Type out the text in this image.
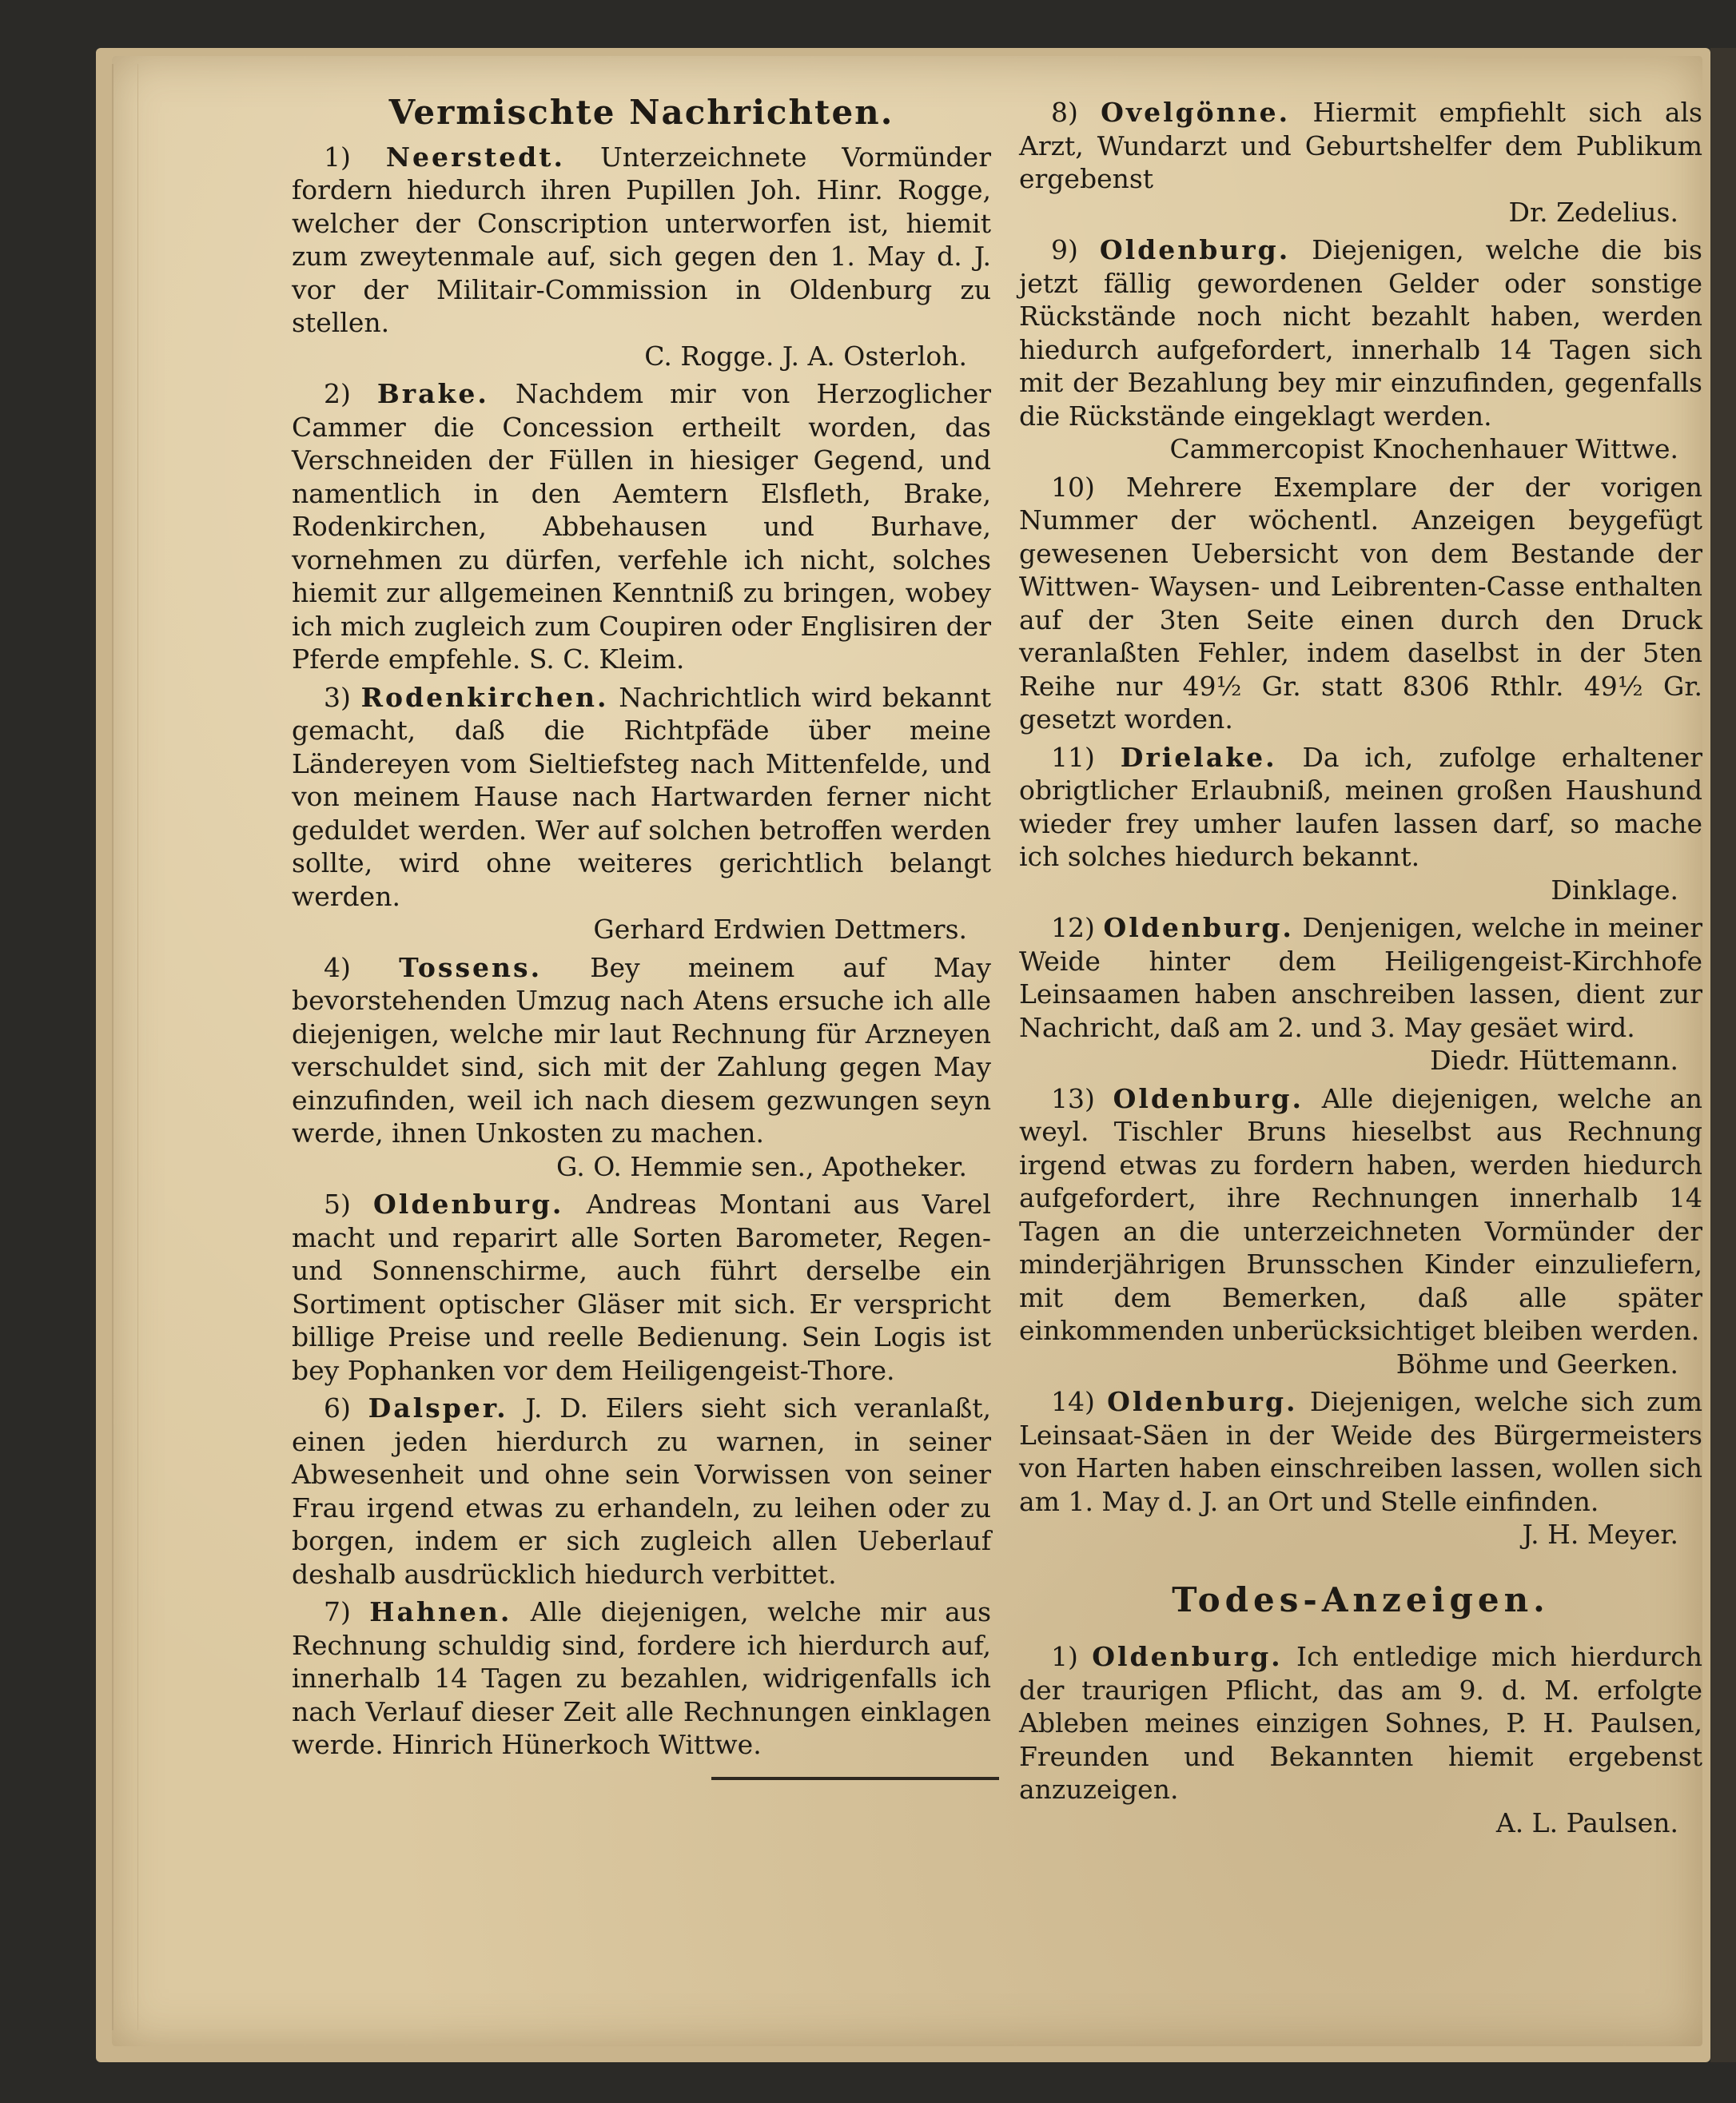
Vermischte Nachrichten.

1) Neerstedt. Unterzeichnete Vormünder fordern hiedurch ihren Pupillen Joh. Hinr. Rogge, welcher der Conscription unterworfen ist, hiemit zum zweytenmale auf, sich gegen den 1. May d. J. vor der Militair-Commission in Oldenburg zu stellen.

C. Rogge. J. A. Osterloh.

2) Brake. Nachdem mir von Herzoglicher Cammer die Concession ertheilt worden, das Verschneiden der Füllen in hiesiger Gegend, und namentlich in den Aemtern Elsfleth, Brake, Rodenkirchen, Abbehausen und Burhave, vornehmen zu dürfen, verfehle ich nicht, solches hiemit zur allgemeinen Kenntniß zu bringen, wobey ich mich zugleich zum Coupiren oder Englisiren der Pferde empfehle. S. C. Kleim.

3) Rodenkirchen. Nachrichtlich wird bekannt gemacht, daß die Richtpfäde über meine Ländereyen vom Sieltiefsteg nach Mittenfelde, und von meinem Hause nach Hartwarden ferner nicht geduldet werden. Wer auf solchen betroffen werden sollte, wird ohne weiteres gerichtlich belangt werden.

Gerhard Erdwien Dettmers.

4) Tossens. Bey meinem auf May bevorstehenden Umzug nach Atens ersuche ich alle diejenigen, welche mir laut Rechnung für Arzneyen verschuldet sind, sich mit der Zahlung gegen May einzufinden, weil ich nach diesem gezwungen seyn werde, ihnen Unkosten zu machen.

G. O. Hemmie sen., Apotheker.

5) Oldenburg. Andreas Montani aus Varel macht und reparirt alle Sorten Barometer, Regen- und Sonnenschirme, auch führt derselbe ein Sortiment optischer Gläser mit sich. Er verspricht billige Preise und reelle Bedienung. Sein Logis ist bey Pophanken vor dem Heiligengeist-Thore.

6) Dalsper. J. D. Eilers sieht sich veranlaßt, einen jeden hierdurch zu warnen, in seiner Abwesenheit und ohne sein Vorwissen von seiner Frau irgend etwas zu erhandeln, zu leihen oder zu borgen, indem er sich zugleich allen Ueberlauf deshalb ausdrücklich hiedurch verbittet.

7) Hahnen. Alle diejenigen, welche mir aus Rechnung schuldig sind, fordere ich hierdurch auf, innerhalb 14 Tagen zu bezahlen, widrigenfalls ich nach Verlauf dieser Zeit alle Rechnungen einklagen werde. Hinrich Hünerkoch Wittwe.

8) Ovelgönne. Hiermit empfiehlt sich als Arzt, Wundarzt und Geburtshelfer dem Publikum ergebenst

Dr. Zedelius.

9) Oldenburg. Diejenigen, welche die bis jetzt fällig gewordenen Gelder oder sonstige Rückstände noch nicht bezahlt haben, werden hiedurch aufgefordert, innerhalb 14 Tagen sich mit der Bezahlung bey mir einzufinden, gegenfalls die Rückstände eingeklagt werden.

Cammercopist Knochenhauer Wittwe.

10) Mehrere Exemplare der der vorigen Nummer der wöchentl. Anzeigen beygefügt gewesenen Uebersicht von dem Bestande der Wittwen- Waysen- und Leibrenten-Casse enthalten auf der 3ten Seite einen durch den Druck veranlaßten Fehler, indem daselbst in der 5ten Reihe nur 49½ Gr. statt 8306 Rthlr. 49½ Gr. gesetzt worden.

11) Drielake. Da ich, zufolge erhaltener obrigtlicher Erlaubniß, meinen großen Haushund wieder frey umher laufen lassen darf, so mache ich solches hiedurch bekannt.

Dinklage.

12) Oldenburg. Denjenigen, welche in meiner Weide hinter dem Heiligengeist-Kirchhofe Leinsaamen haben anschreiben lassen, dient zur Nachricht, daß am 2. und 3. May gesäet wird.

Diedr. Hüttemann.

13) Oldenburg. Alle diejenigen, welche an weyl. Tischler Bruns hieselbst aus Rechnung irgend etwas zu fordern haben, werden hiedurch aufgefordert, ihre Rechnungen innerhalb 14 Tagen an die unterzeichneten Vormünder der minderjährigen Brunsschen Kinder einzuliefern, mit dem Bemerken, daß alle später einkommenden unberücksichtiget bleiben werden.

Böhme und Geerken.

14) Oldenburg. Diejenigen, welche sich zum Leinsaat-Säen in der Weide des Bürgermeisters von Harten haben einschreiben lassen, wollen sich am 1. May d. J. an Ort und Stelle einfinden.

J. H. Meyer.

Todes-Anzeigen.

1) Oldenburg. Ich entledige mich hierdurch der traurigen Pflicht, das am 9. d. M. erfolgte Ableben meines einzigen Sohnes, P. H. Paulsen, Freunden und Bekannten hiemit ergebenst anzuzeigen.

A. L. Paulsen.
